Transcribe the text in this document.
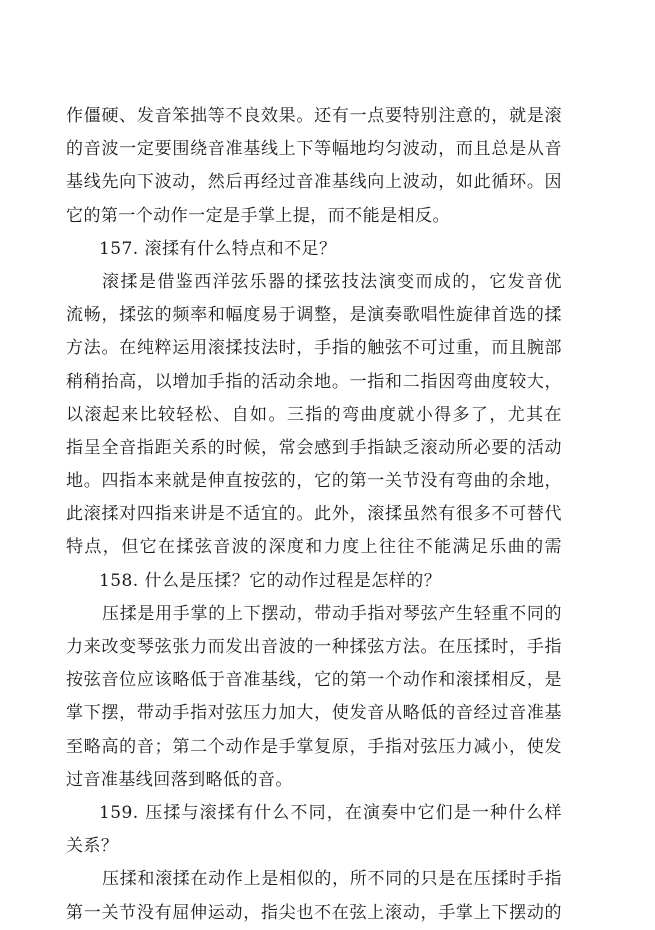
作僵硬、发音笨拙等不良效果。还有一点要特别注意的，就是滚
的音波一定要围绕音准基线上下等幅地均匀波动，而且总是从音
基线先向下波动，然后再经过音准基线向上波动，如此循环。因
它的第一个动作一定是手掌上提，而不能是相反。
157. 滚揉有什么特点和不足？
滚揉是借鉴西洋弦乐器的揉弦技法演变而成的，它发音优
流畅，揉弦的频率和幅度易于调整，是演奏歌唱性旋律首选的揉
方法。在纯粹运用滚揉技法时，手指的触弦不可过重，而且腕部
稍稍抬高，以增加手指的活动余地。一指和二指因弯曲度较大，
以滚起来比较轻松、自如。三指的弯曲度就小得多了，尤其在
指呈全音指距关系的时候，常会感到手指缺乏滚动所必要的活动
地。四指本来就是伸直按弦的，它的第一关节没有弯曲的余地，
此滚揉对四指来讲是不适宜的。此外，滚揉虽然有很多不可替代
特点，但它在揉弦音波的深度和力度上往往不能满足乐曲的需
158. 什么是压揉？它的动作过程是怎样的？
压揉是用手掌的上下摆动，带动手指对琴弦产生轻重不同的
力来改变琴弦张力而发出音波的一种揉弦方法。在压揉时，手指
按弦音位应该略低于音准基线，它的第一个动作和滚揉相反，是
掌下摆，带动手指对弦压力加大，使发音从略低的音经过音准基
至略高的音；第二个动作是手掌复原，手指对弦压力减小，使发
过音准基线回落到略低的音。
159. 压揉与滚揉有什么不同，在演奏中它们是一种什么样
关系？
压揉和滚揉在动作上是相似的，所不同的只是在压揉时手指
第一关节没有屈伸运动，指尖也不在弦上滚动，手掌上下摆动的
